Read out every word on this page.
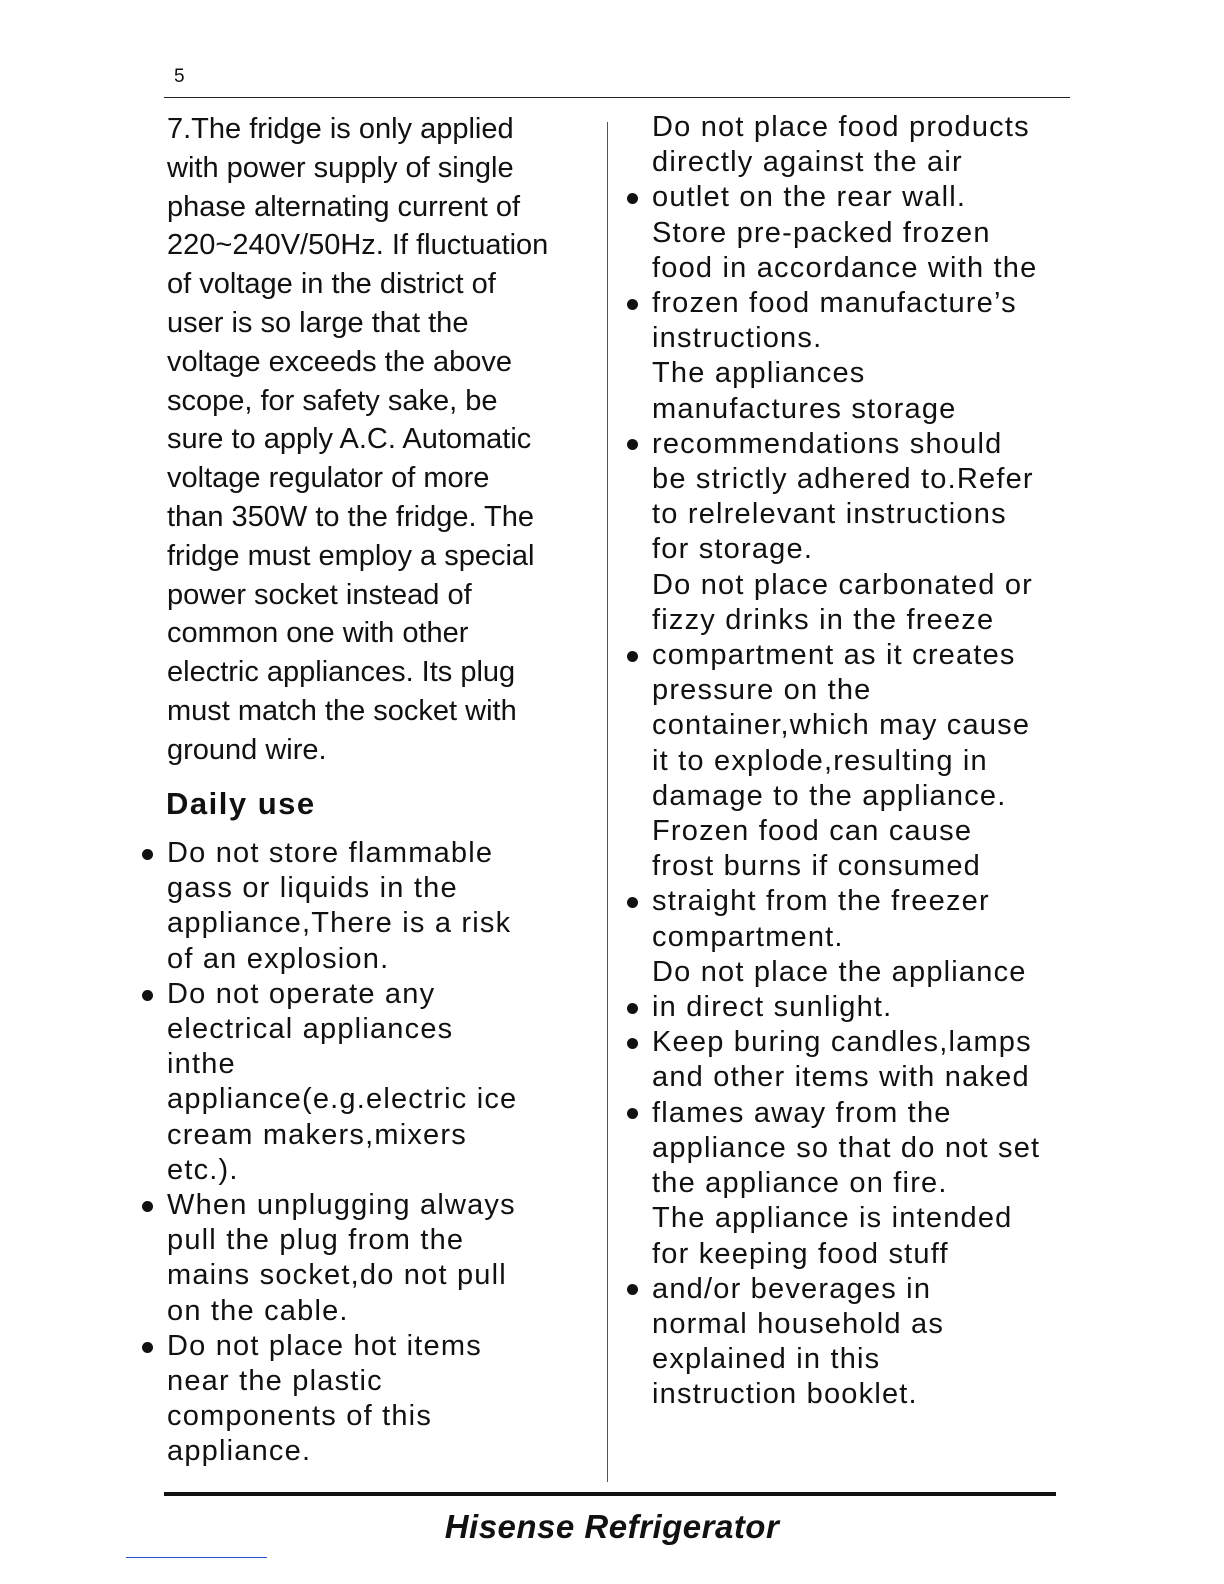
5
7.The fridge is only applied
with power supply of single
phase alternating current of
220~240V/50Hz. If fluctuation
of voltage in the district of
user is so large that the
voltage exceeds the above
scope, for safety sake, be
sure to apply A.C. Automatic
voltage regulator of more
than 350W to the fridge. The
fridge must employ a special
power socket instead of
common one with other
electric appliances. Its plug
must match the socket with
ground wire.
Daily use
Do not store flammable
gass or liquids in the
appliance,There is a risk
of an explosion.
Do not operate any
electrical appliances
inthe
appliance(e.g.electric ice
cream makers,mixers
etc.).
When unplugging always
pull the plug from the
mains socket,do not pull
on the cable.
Do not place hot items
near the plastic
components of this
appliance.
Do not place food products
directly against the air
outlet on the rear wall.
Store pre-packed frozen
food in accordance with the
frozen food manufacture’s
instructions.
The appliances
manufactures storage
recommendations should
be strictly adhered to.Refer
to relrelevant instructions
for storage.
Do not place carbonated or
fizzy drinks in the freeze
compartment as it creates
pressure on the
container,which may cause
it to explode,resulting in
damage to the appliance.
Frozen food can cause
frost burns if consumed
straight from the freezer
compartment.
Do not place the appliance
in direct sunlight.
Keep buring candles,lamps
and other items with naked
flames away from the
appliance so that do not set
the appliance on fire.
The appliance is intended
for keeping food stuff
and/or beverages in
normal household as
explained in this
instruction booklet.
Hisense Refrigerator
